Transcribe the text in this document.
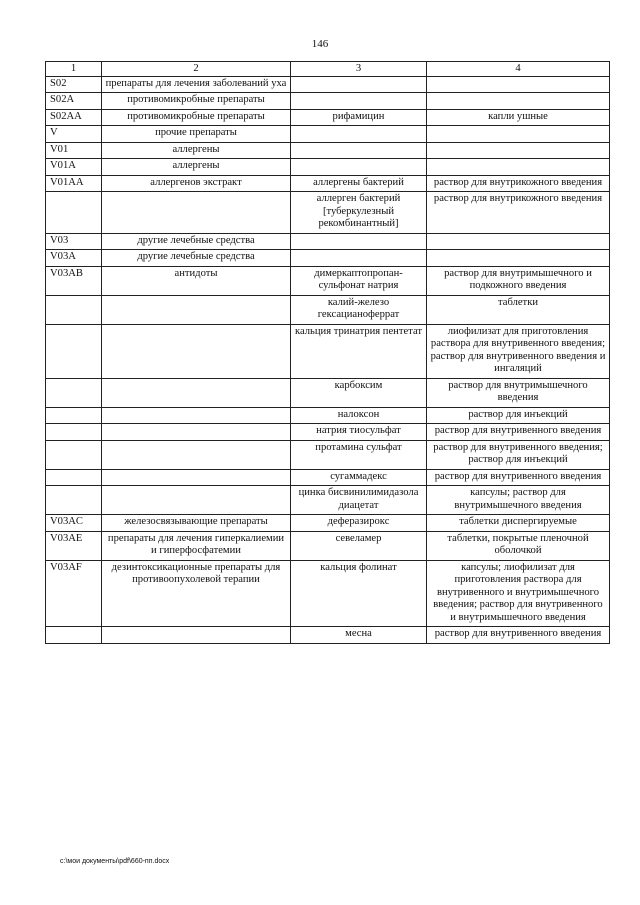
146
1	2	3	4
S02	препараты для лечения заболеваний уха		
S02A	противомикробные препараты		
S02AA	противомикробные препараты	рифамицин	капли ушные
V	прочие препараты		
V01	аллергены		
V01A	аллергены		
V01AA	аллергенов экстракт	аллергены бактерий	раствор для внутрикожного введения
		аллерген бактерий [туберкулезный рекомбинантный]	раствор для внутрикожного введения
V03	другие лечебные средства		
V03A	другие лечебные средства		
V03AB	антидоты	димеркаптопропан-сульфонат натрия	раствор для внутримышечного и подкожного введения
		калий-железо гексацианоферрат	таблетки
		кальция тринатрия пентетат	лиофилизат для приготовления раствора для внутривенного введения; раствор для внутривенного введения и ингаляций
		карбоксим	раствор для внутримышечного введения
		налоксон	раствор для инъекций
		натрия тиосульфат	раствор для внутривенного введения
		протамина сульфат	раствор для внутривенного введения; раствор для инъекций
		сугаммадекс	раствор для внутривенного введения
		цинка бисвинилимидазола диацетат	капсулы; раствор для внутримышечного введения
V03AC	железосвязывающие препараты	деферазирокс	таблетки диспергируемые
V03AE	препараты для лечения гиперкалиемии и гиперфосфатемии	севеламер	таблетки, покрытые пленочной оболочкой
V03AF	дезинтоксикационные препараты для противоопухолевой терапии	кальция фолинат	капсулы; лиофилизат для приготовления раствора для внутривенного и внутримышечного введения; раствор для внутривенного и внутримышечного введения
		месна	раствор для внутривенного введения
c:\мои документы\pdf\660-пп.docx
